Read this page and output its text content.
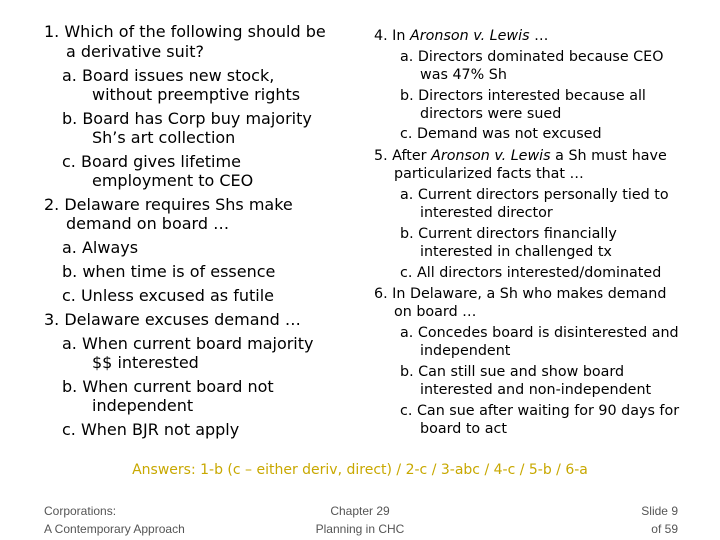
1. Which of the following should be
a derivative suit?
a. Board issues new stock,
without preemptive rights
b. Board has Corp buy majority
Sh’s art collection
c. Board gives lifetime
employment to CEO
2. Delaware requires Shs make
demand on board …
a. Always
b. when time is of essence
c. Unless excused as futile
3. Delaware excuses demand …
a. When current board majority
$$ interested
b. When current board not
independent
c. When BJR not apply
4. In Aronson v. Lewis …
a. Directors dominated because CEO
was 47% Sh
b. Directors interested because all
directors were sued
c. Demand was not excused
5. After Aronson v. Lewis a Sh must have
particularized facts that …
a. Current directors personally tied to
interested director
b. Current directors financially
interested in challenged tx
c. All directors interested/dominated
6. In Delaware, a Sh who makes demand
on board …
a. Concedes board is disinterested and
independent
b. Can still sue and show board
interested and non-independent
c. Can sue after waiting for 90 days for
board to act
Answers: 1-b (c – either deriv, direct) / 2-c / 3-abc / 4-c / 5-b / 6-a
Corporations:
A Contemporary Approach
Chapter 29
Planning in CHC
Slide 9
of 59
